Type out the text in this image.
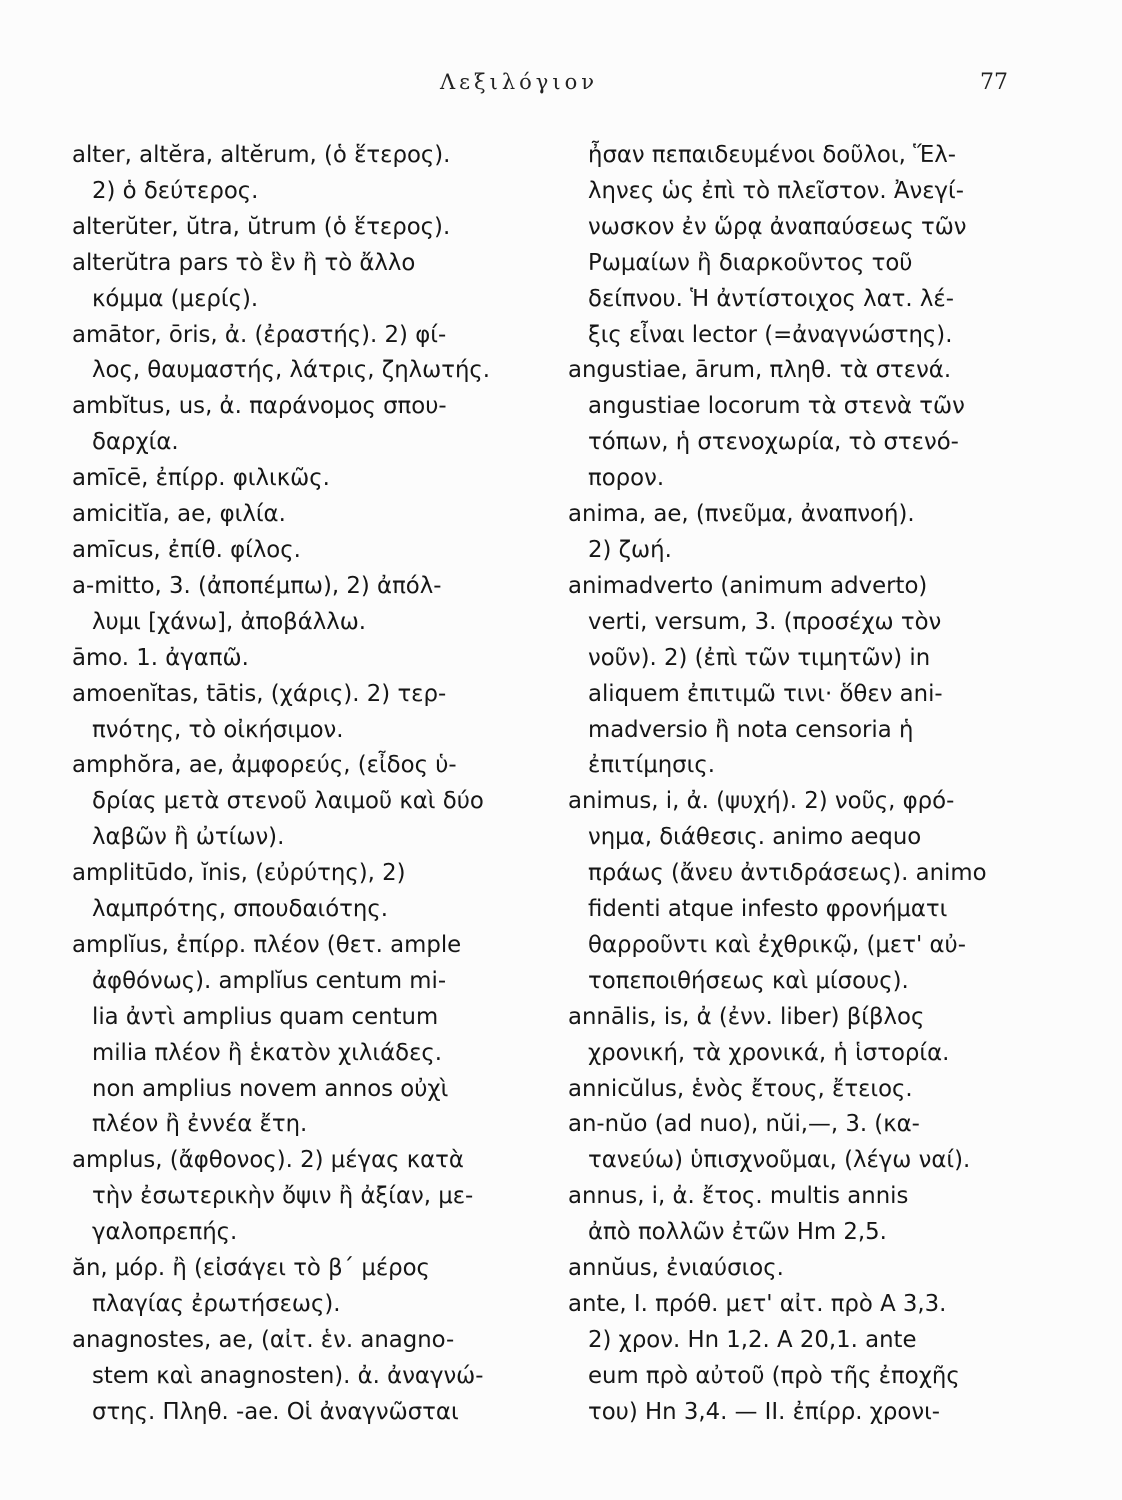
Λεξιλόγιον	77
alter, altĕra, altĕrum, (ὁ ἕτερος).
2) ὁ δεύτερος.
alterŭter, ŭtra, ŭtrum (ὁ ἕτερος).
alterŭtra pars τὸ ἓν ἢ τὸ ἄλλο
κόμμα (μερίς).
amātor, ōris, ἀ. (ἐραστής). 2) φί-
λος, θαυμαστής, λάτρις, ζηλωτής.
ambĭtus, us, ἀ. παράνομος σπου-
δαρχία.
amīcē, ἐπίρρ. φιλικῶς.
amicitĭa, ae, φιλία.
amīcus, ἐπίθ. φίλος.
a-mitto, 3. (ἀποπέμπω), 2) ἀπόλ-
λυμι [χάνω], ἀποβάλλω.
āmo. 1. ἀγαπῶ.
amoenĭtas, tātis, (χάρις). 2) τερ-
πνότης, τὸ οἰκήσιμον.
amphŏra, ae, ἀμφορεύς, (εἶδος ὑ-
δρίας μετὰ στενοῦ λαιμοῦ καὶ δύο
λαβῶν ἢ ὠτίων).
amplitūdo, ĭnis, (εὐρύτης), 2)
λαμπρότης, σπουδαιότης.
amplĭus, ἐπίρρ. πλέον (θετ. ample
ἀφθόνως). amplĭus centum mi-
lia ἀντὶ amplius quam centum
milia πλέον ἢ ἑκατὸν χιλιάδες.
non amplius novem annos οὐχὶ
πλέον ἢ ἐννέα ἔτη.
amplus, (ἄφθονος). 2) μέγας κατὰ
τὴν ἐσωτερικὴν ὄψιν ἢ ἀξίαν, με-
γαλοπρεπής.
ăn, μόρ. ἢ (εἰσάγει τὸ β΄ μέρος
πλαγίας ἐρωτήσεως).
anagnostes, ae, (αἰτ. ἑν. anagno-
stem καὶ anagnosten). ἀ. ἀναγνώ-
στης. Πληθ. -ae. Οἱ ἀναγνῶσται
ἦσαν πεπαιδευμένοι δοῦλοι, Ἕλ-
ληνες ὡς ἐπὶ τὸ πλεῖστον. Ἀνεγί-
νωσκον ἐν ὥρᾳ ἀναπαύσεως τῶν
Ρωμαίων ἢ διαρκοῦντος τοῦ
δείπνου. Ἡ ἀντίστοιχος λατ. λέ-
ξις εἶναι lector (=ἀναγνώστης).
angustiae, ārum, πληθ. τὰ στενά.
angustiae locorum τὰ στενὰ τῶν
τόπων, ἡ στενοχωρία, τὸ στενό-
πορον.
anima, ae, (πνεῦμα, ἀναπνοή).
2) ζωή.
animadverto (animum adverto)
verti, versum, 3. (προσέχω τὸν
νοῦν). 2) (ἐπὶ τῶν τιμητῶν) in
aliquem ἐπιτιμῶ τινι· ὅθεν ani-
madversio ἢ nota censoria ἡ
ἐπιτίμησις.
animus, i, ἀ. (ψυχή). 2) νοῦς, φρό-
νημα, διάθεσις. animo aequo
πράως (ἄνευ ἀντιδράσεως). animo
fidenti atque infesto φρονήματι
θαρροῦντι καὶ ἐχθρικῷ, (μετ' αὐ-
τοπεποιθήσεως καὶ μίσους).
annālis, is, ἀ (ἐνν. liber) βίβλος
χρονική, τὰ χρονικά, ἡ ἱστορία.
annicŭlus, ἑνὸς ἔτους, ἔτειος.
an-nŭo (ad nuo), nŭi,—, 3. (κα-
τανεύω) ὑπισχνοῦμαι, (λέγω ναί).
annus, i, ἀ. ἔτος. multis annis
ἀπὸ πολλῶν ἐτῶν Hm 2,5.
annŭus, ἐνιαύσιος.
ante, I. πρόθ. μετ' αἰτ. πρὸ A 3,3.
2) χρον. Hn 1,2. A 20,1. ante
eum πρὸ αὐτοῦ (πρὸ τῆς ἐποχῆς
του) Hn 3,4. — II. ἐπίρρ. χρονι-
